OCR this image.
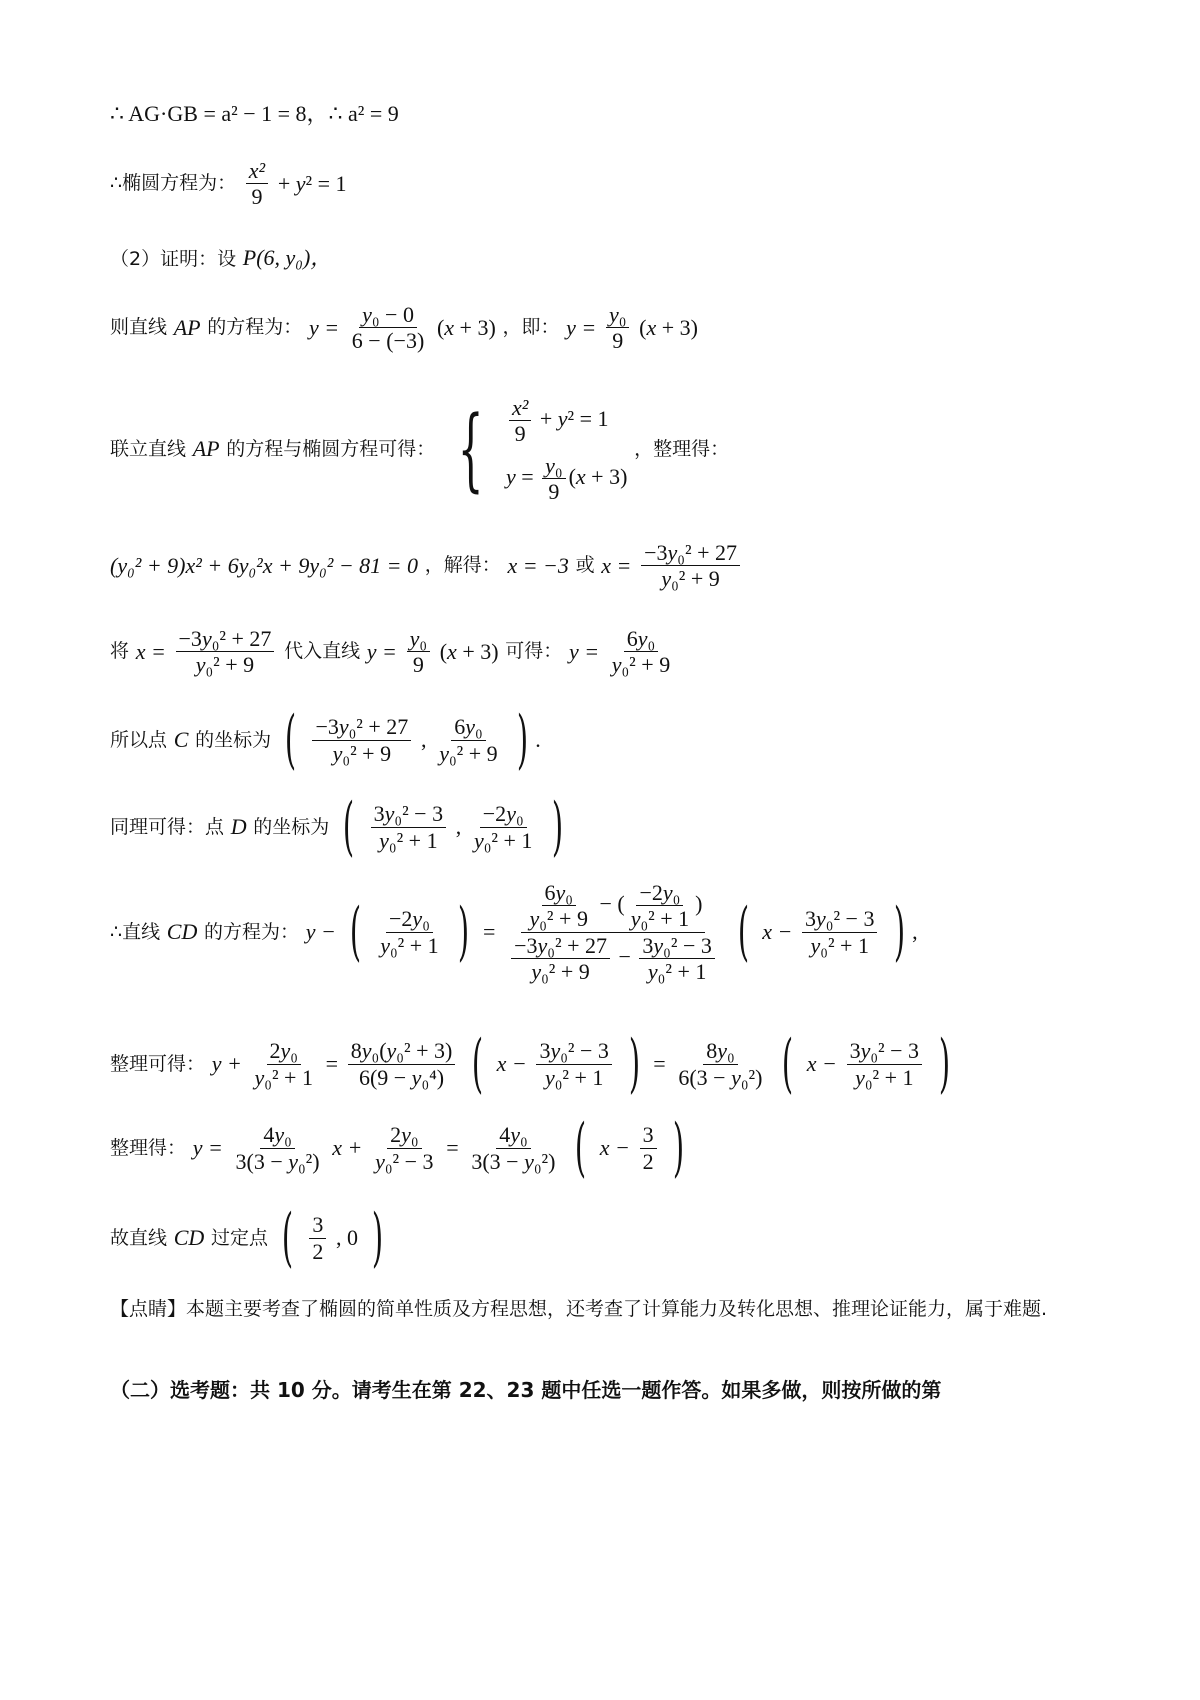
∴ AG·GB = a² − 1 = 8，∴ a² = 9
∴椭圆方程为： $\frac{\text{x²}}{9} + y^2 = 1$
（2）证明：设 P(6, y₀)，
则直线 AP 的方程为： $y = \frac{\text{y₀ − 0}}{6 - (-3)} (x + 3)$ ，即： $y = \frac{\text{y₀}}{9} (x + 3)$
联立直线 AP 的方程与椭圆方程可得： { $\frac{\text{x²}}{9} + y^2 = 1$
$y = \frac{\text{y₀}}{9} (x + 3)$
，整理得：
(y₀² + 9)x² + 6y₀²x + 9y₀² − 81 = 0 ，解得： x = −3 或 $x = \frac{\text{−3y₀² + 27}}{\text{y₀² + 9}}$
将 $x = \frac{\text{−3y₀² + 27}}{\text{y₀² + 9}}$ 代入直线 $y = \frac{\text{y₀}}{9} (x + 3)$ 可得： $y = \frac{\text{6y₀}}{\text{y₀² + 9}}$
所以点 C 的坐标为 ( $\frac{\text{−3y₀² + 27}}{\text{y₀² + 9}}$ , $\frac{\text{6y₀}}{\text{y₀² + 9}}$ ) .
同理可得：点 D 的坐标为 ( $\frac{\text{3y₀² − 3}}{\text{y₀² + 1}}$ , $\frac{\text{−2y₀}}{\text{y₀² + 1}}$ )
∴直线 CD 的方程为： y − ( $\frac{\text{−2y₀}}{\text{y₀² + 1}}$ ) = $\frac{\frac{\text{6y₀}}{\text{y₀² + 9}} - ( \frac{\text{−2y₀}}{\text{y₀² + 1}} )}{\frac{\text{−3y₀² + 27}}{\text{y₀² + 9}} - \frac{\text{3y₀² − 3}}{\text{y₀² + 1}}}$ ( $x - \frac{\text{3y₀² − 3}}{\text{y₀² + 1}}$ ) ,
整理可得： $y + \frac{\text{2y₀}}{\text{y₀² + 1}} = \frac{\text{8y₀(y₀² + 3)}}{\text{6(9 − y₀⁴)}}$ ( $x - \frac{\text{3y₀² − 3}}{\text{y₀² + 1}}$ ) = $\frac{\text{8y₀}}{\text{6(3 − y₀²)}}$ ( $x - \frac{\text{3y₀² − 3}}{\text{y₀² + 1}}$ )
整理得： $y = \frac{\text{4y₀}}{\text{3(3 − y₀²)}}$ $x + \frac{\text{2y₀}}{\text{y₀² − 3}} = \frac{\text{4y₀}}{\text{3(3 − y₀²)}}$ ( $x - \frac{3}{2}$ )
故直线 CD 过定点 ( $\frac{3}{2}$ , 0 )
【点睛】本题主要考查了椭圆的简单性质及方程思想，还考查了计算能力及转化思想、推理论证能力，属于难题.
（二）选考题：共 10 分。请考生在第 22、23 题中任选一题作答。如果多做，则按所做的第
